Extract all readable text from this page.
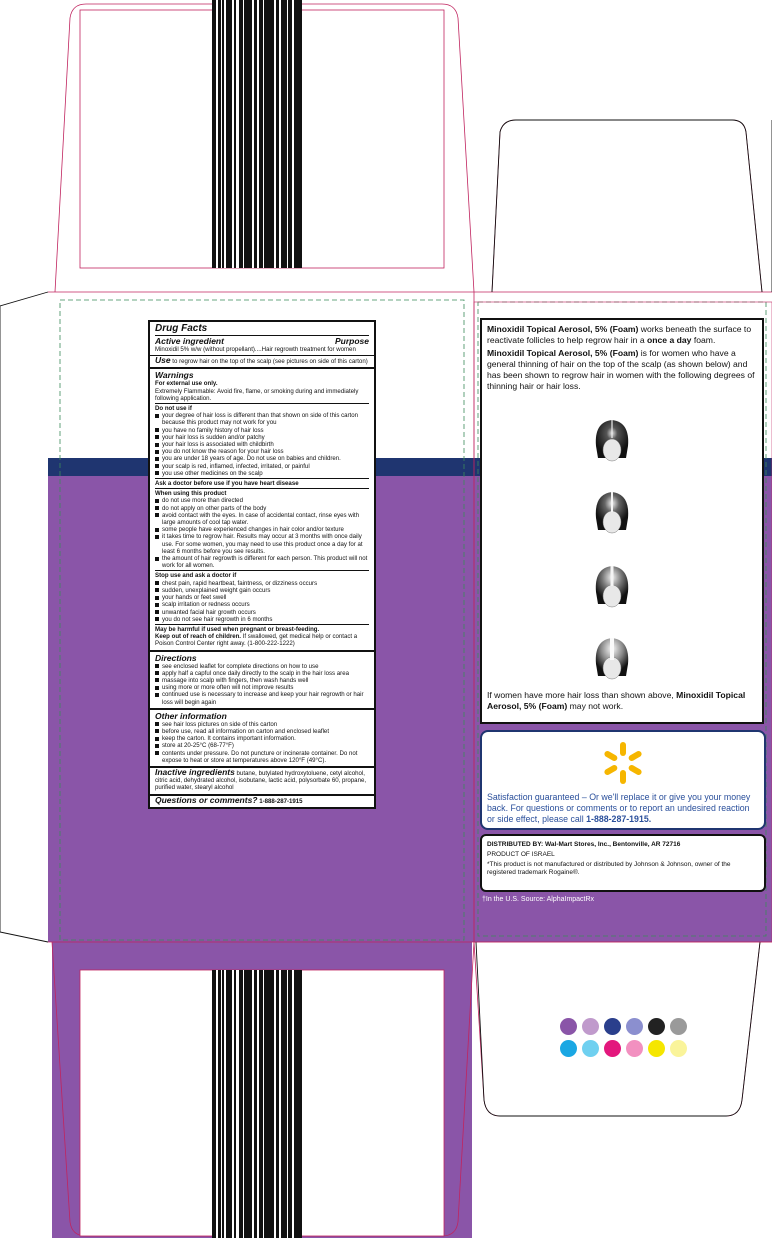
Drug Facts
Active ingredient	Purpose
Minoxidil 5% w/w (without propellant)....Hair regrowth treatment for women
Use to regrow hair on the top of the scalp (see pictures on side of this carton)
Warnings
For external use only.
Extremely Flammable: Avoid fire, flame, or smoking during and immediately following application.
Do not use if
your degree of hair loss is different than that shown on side of this carton because this product may not work for you
you have no family history of hair loss
your hair loss is sudden and/or patchy
your hair loss is associated with childbirth
you do not know the reason for your hair loss
you are under 18 years of age. Do not use on babies and children.
your scalp is red, inflamed, infected, irritated, or painful
you use other medicines on the scalp
Ask a doctor before use if you have heart disease
When using this product
do not use more than directed
do not apply on other parts of the body
avoid contact with the eyes. In case of accidental contact, rinse eyes with large amounts of cool tap water.
some people have experienced changes in hair color and/or texture
it takes time to regrow hair. Results may occur at 3 months with once daily use. For some women, you may need to use this product once a day for at least 6 months before you see results.
the amount of hair regrowth is different for each person. This product will not work for all women.
Stop use and ask a doctor if
chest pain, rapid heartbeat, faintness, or dizziness occurs
sudden, unexplained weight gain occurs
your hands or feet swell
scalp irritation or redness occurs
unwanted facial hair growth occurs
you do not see hair regrowth in 6 months
May be harmful if used when pregnant or breast-feeding.
Keep out of reach of children. If swallowed, get medical help or contact a Poison Control Center right away. (1-800-222-1222)
Directions
see enclosed leaflet for complete directions on how to use
apply half a capful once daily directly to the scalp in the hair loss area
massage into scalp with fingers, then wash hands well
using more or more often will not improve results
continued use is necessary to increase and keep your hair regrowth or hair loss will begin again
Other information
see hair loss pictures on side of this carton
before use, read all information on carton and enclosed leaflet
keep the carton. It contains important information.
store at 20-25°C (68-77°F)
contents under pressure. Do not puncture or incinerate container. Do not expose to heat or store at temperatures above 120°F (49°C).
Inactive ingredients butane, butylated hydroxytoluene, cetyl alcohol, citric acid, dehydrated alcohol, isobutane, lactic acid, polysorbate 60, propane, purified water, stearyl alcohol
Questions or comments? 1-888-287-1915

Minoxidil Topical Aerosol, 5% (Foam) works beneath the surface to reactivate follicles to help regrow hair in a once a day foam.

Minoxidil Topical Aerosol, 5% (Foam) is for women who have a general thinning of hair on the top of the scalp (as shown below) and has been shown to regrow hair in women with the following degrees of thinning hair or hair loss.

If women have more hair loss than shown above, Minoxidil Topical Aerosol, 5% (Foam) may not work.

Satisfaction guaranteed – Or we'll replace it or give you your money back. For questions or comments or to report an undesired reaction or side effect, please call 1-888-287-1915.

DISTRIBUTED BY: Wal-Mart Stores, Inc., Bentonville, AR 72716

PRODUCT OF ISRAEL

*This product is not manufactured or distributed by Johnson & Johnson, owner of the registered trademark Rogaine®.

†In the U.S. Source: AlphaImpactRx
